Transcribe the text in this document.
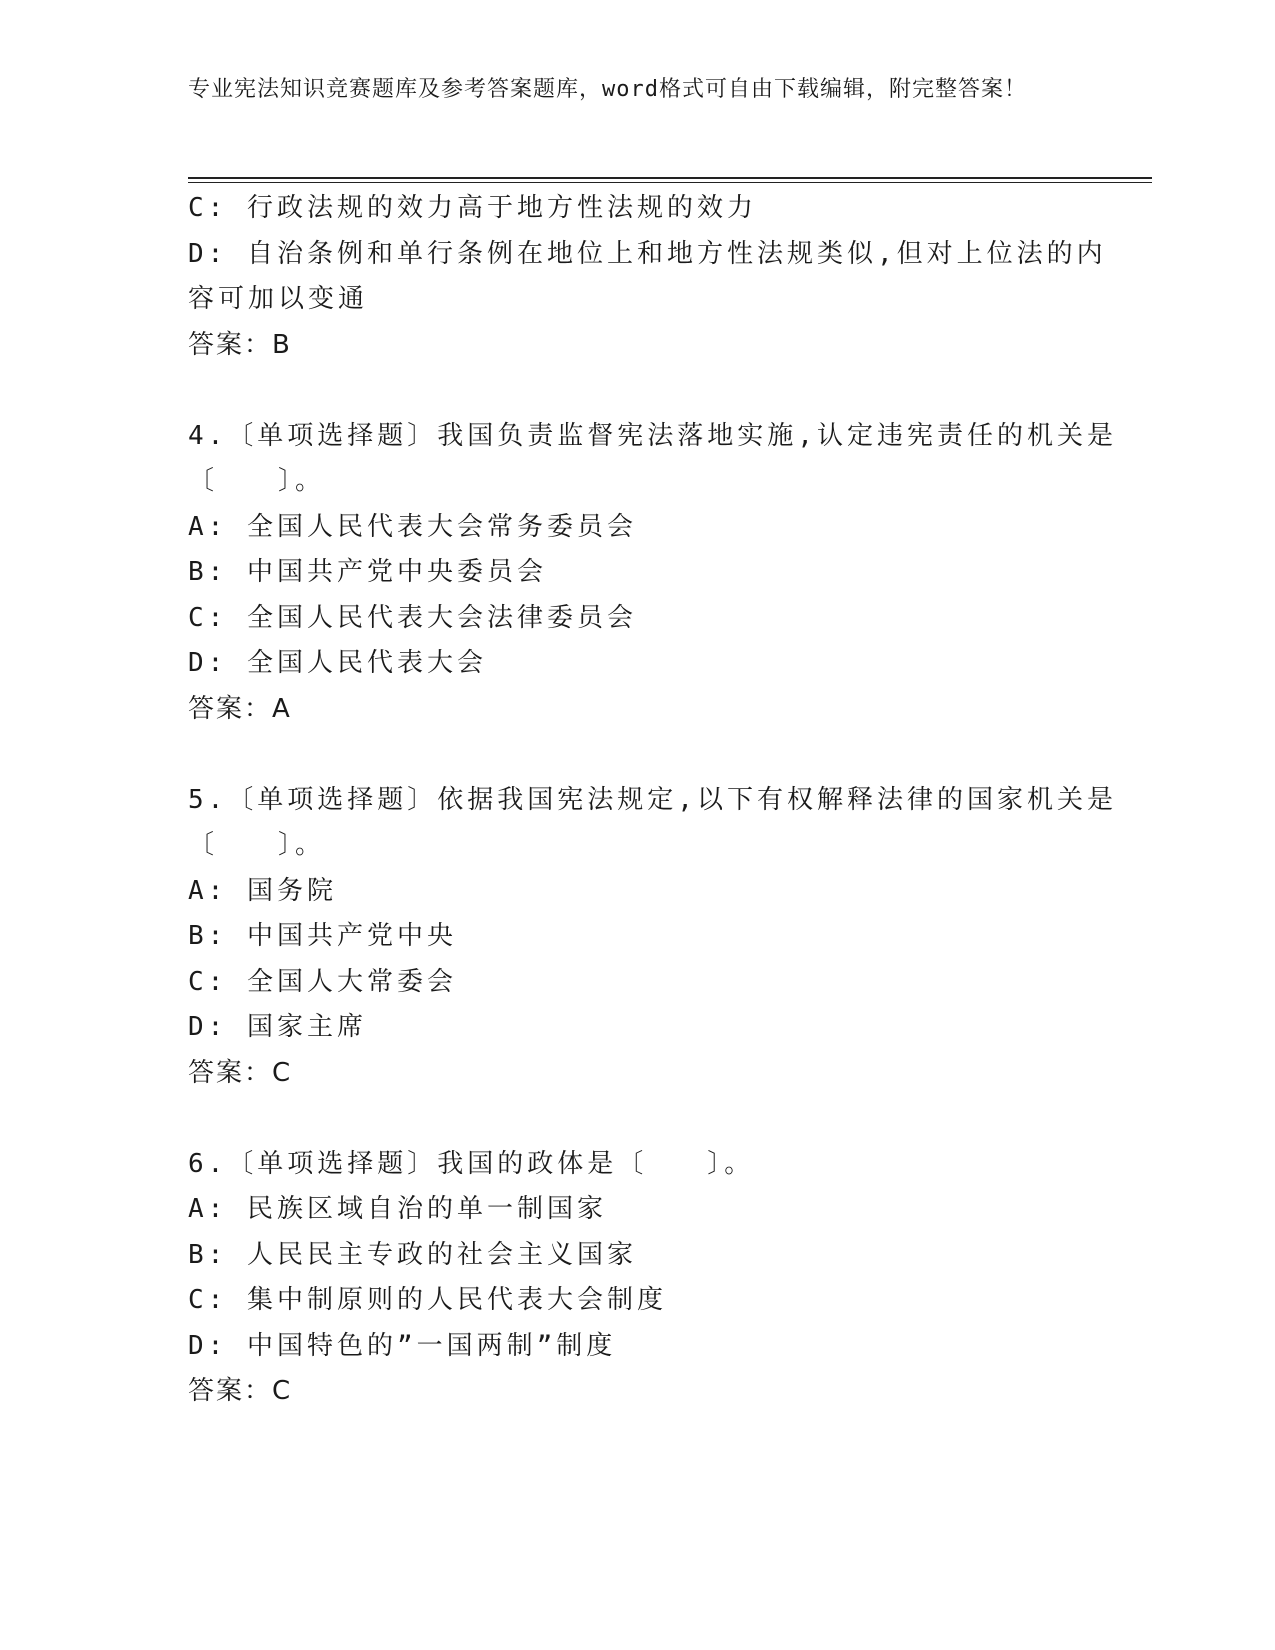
专业宪法知识竞赛题库及参考答案题库，word格式可自由下载编辑，附完整答案！
C: 行政法规的效力高于地方性法规的效力
D: 自治条例和单行条例在地位上和地方性法规类似,但对上位法的内
容可加以变通
答案：B
4.〔单项选择题〕我国负责监督宪法落地实施,认定违宪责任的机关是
〔　　〕。
A: 全国人民代表大会常务委员会
B: 中国共产党中央委员会
C: 全国人民代表大会法律委员会
D: 全国人民代表大会
答案：A
5.〔单项选择题〕依据我国宪法规定,以下有权解释法律的国家机关是
〔　　〕。
A: 国务院
B: 中国共产党中央
C: 全国人大常委会
D: 国家主席
答案：C
6.〔单项选择题〕我国的政体是〔　　〕。
A: 民族区域自治的单一制国家
B: 人民民主专政的社会主义国家
C: 集中制原则的人民代表大会制度
D: 中国特色的”一国两制”制度
答案：C
